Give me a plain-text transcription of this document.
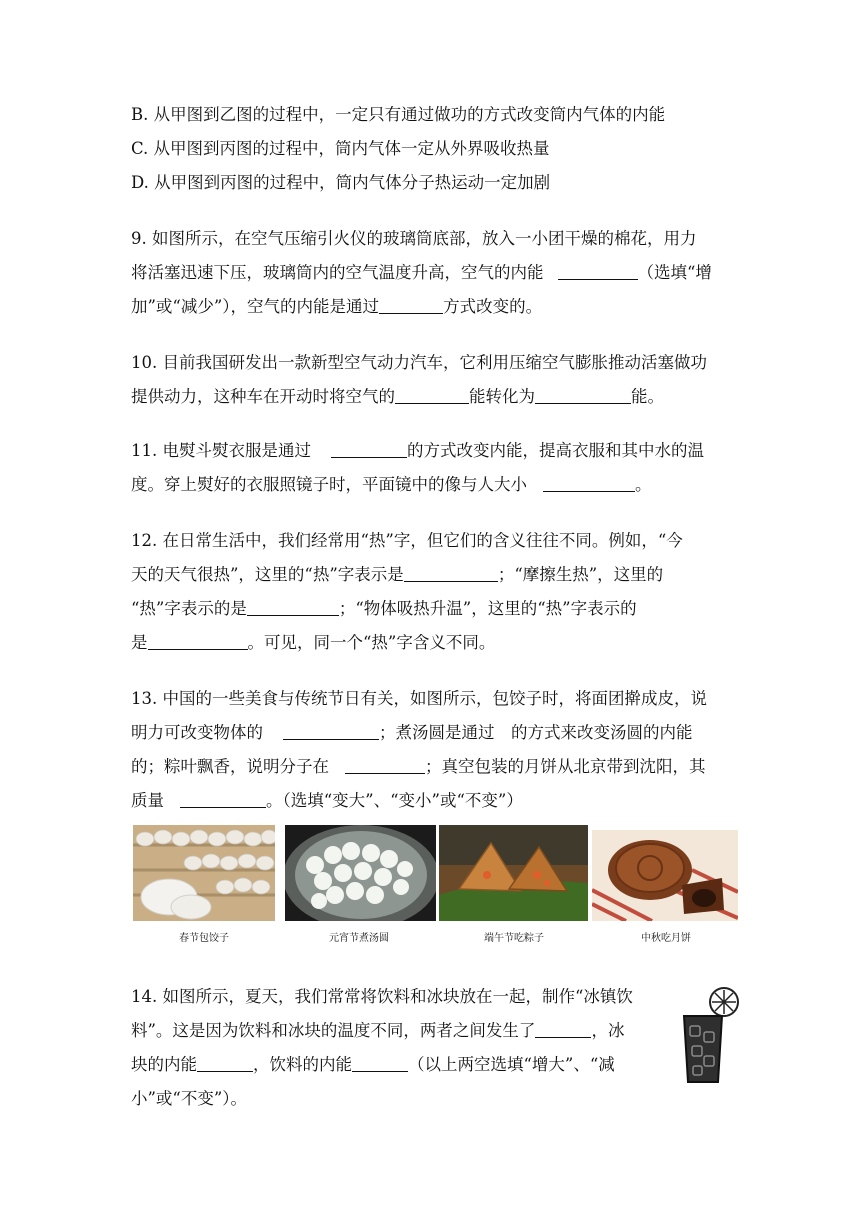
B. 从甲图到乙图的过程中，一定只有通过做功的方式改变筒内气体的内能
C. 从甲图到丙图的过程中，筒内气体一定从外界吸收热量
D. 从甲图到丙图的过程中，筒内气体分子热运动一定加剧
9. 如图所示，在空气压缩引火仪的玻璃筒底部，放入一小团干燥的棉花，用力
将活塞迅速下压，玻璃筒内的空气温度升高，空气的内能	（选填“增
加”或“减少”），空气的内能是通过	方式改变的。
10. 目前我国研发出一款新型空气动力汽车，它利用压缩空气膨胀推动活塞做功
提供动力，这种车在开动时将空气的	能转化为	能。
11. 电熨斗熨衣服是通过	的方式改变内能，提高衣服和其中水的温
度。穿上熨好的衣服照镜子时，平面镜中的像与人大小	。
12. 在日常生活中，我们经常用“热”字，但它们的含义往往不同。例如，“今
天的天气很热”，这里的“热”字表示是	；“摩擦生热”，这里的
“热”字表示的是	；“物体吸热升温”，这里的“热”字表示的
是	。可见，同一个“热”字含义不同。
13. 中国的一些美食与传统节日有关，如图所示，包饺子时，将面团擀成皮，说
明力可改变物体的	；煮汤圆是通过　的方式来改变汤圆的内能
的；粽叶飘香，说明分子在	；真空包装的月饼从北京带到沈阳，其
质量	。（选填“变大”、“变小”或“不变”）
春节包饺子	元宵节煮汤圆	端午节吃粽子	中秋吃月饼
14. 如图所示，夏天，我们常常将饮料和冰块放在一起，制作“冰镇饮
料”。这是因为饮料和冰块的温度不同，两者之间发生了	，冰
块的内能	，饮料的内能	（以上两空选填“增大”、“减
小”或“不变”）。
